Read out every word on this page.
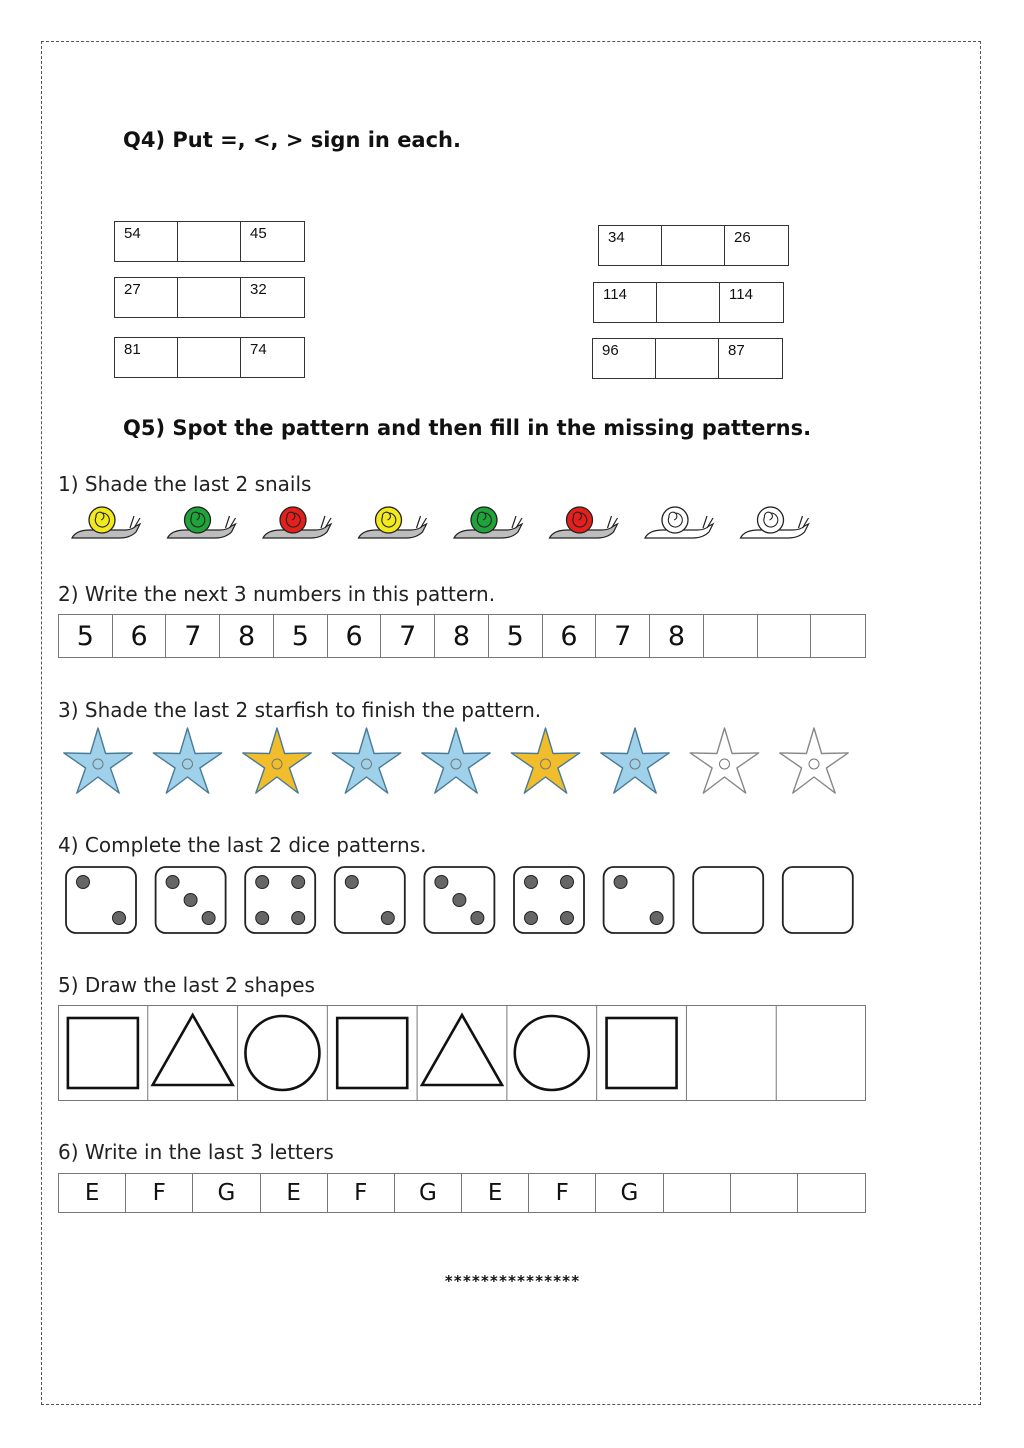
Q4) Put =, <, > sign in each.
54	45
27	32
81	74
34	26
114	114
96	87
Q5) Spot the pattern and then fill in the missing patterns.
1) Shade the last 2 snails
2) Write the next 3 numbers in this pattern.
5	6	7	8	5	6	7	8	5	6	7	8
3) Shade the last 2 starfish to finish the pattern.
4) Complete the last 2 dice patterns.
5) Draw the last 2 shapes
6) Write in the last 3 letters
E	F	G	E	F	G	E	F	G
***************
